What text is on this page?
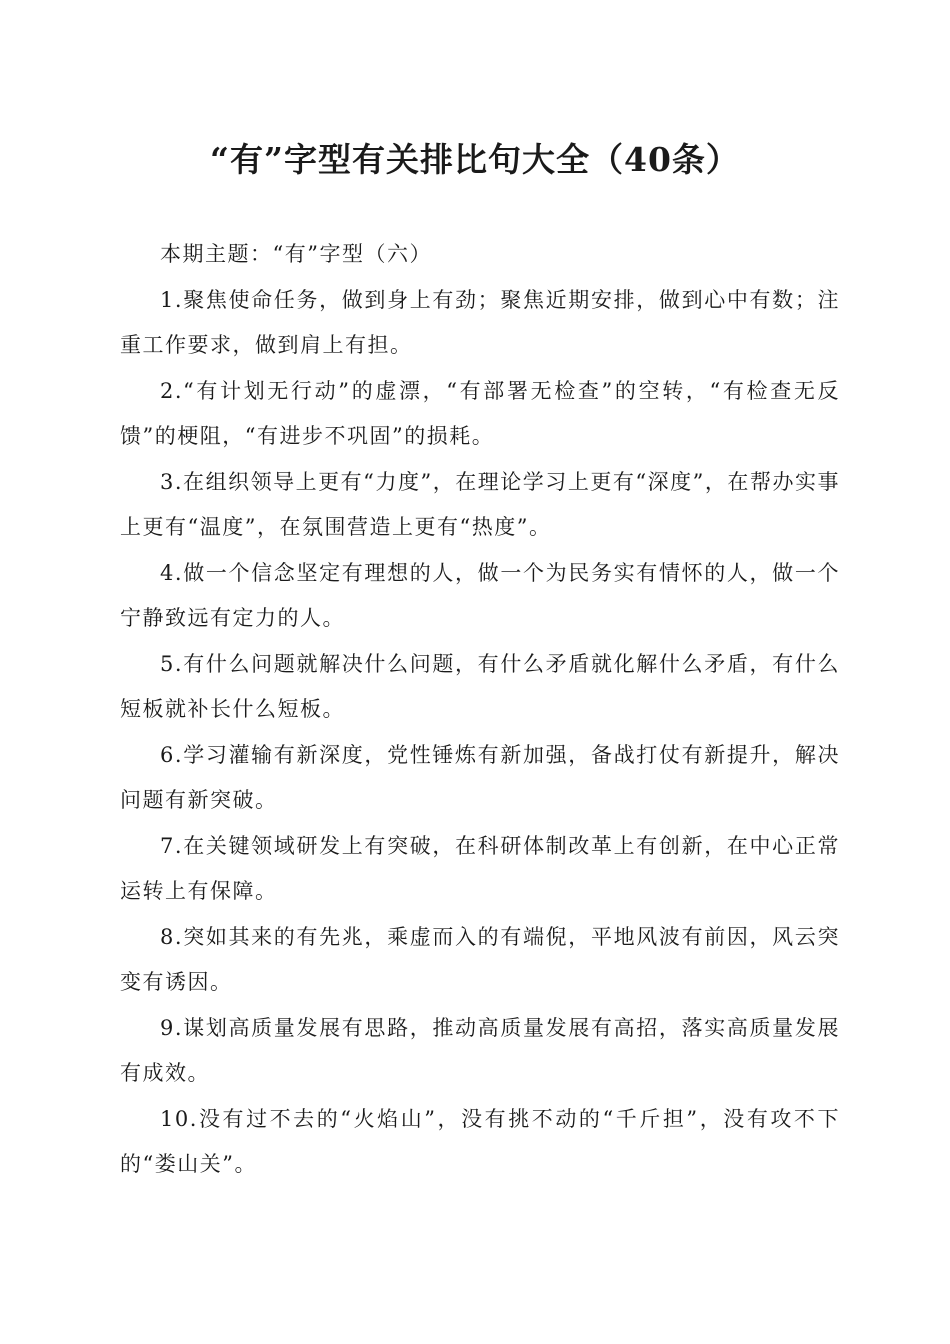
“有”字型有关排比句大全（40条）

本期主题：“有”字型（六）

1.聚焦使命任务，做到身上有劲；聚焦近期安排，做到心中有数；注重工作要求，做到肩上有担。

2.“有计划无行动”的虚漂，“有部署无检查”的空转，“有检查无反馈”的梗阻，“有进步不巩固”的损耗。

3.在组织领导上更有“力度”，在理论学习上更有“深度”，在帮办实事上更有“温度”，在氛围营造上更有“热度”。

4.做一个信念坚定有理想的人，做一个为民务实有情怀的人，做一个宁静致远有定力的人。

5.有什么问题就解决什么问题，有什么矛盾就化解什么矛盾，有什么短板就补长什么短板。

6.学习灌输有新深度，党性锤炼有新加强，备战打仗有新提升，解决问题有新突破。

7.在关键领域研发上有突破，在科研体制改革上有创新，在中心正常运转上有保障。

8.突如其来的有先兆，乘虚而入的有端倪，平地风波有前因，风云突变有诱因。

9.谋划高质量发展有思路，推动高质量发展有高招，落实高质量发展有成效。

10.没有过不去的“火焰山”，没有挑不动的“千斤担”，没有攻不下的“娄山关”。
